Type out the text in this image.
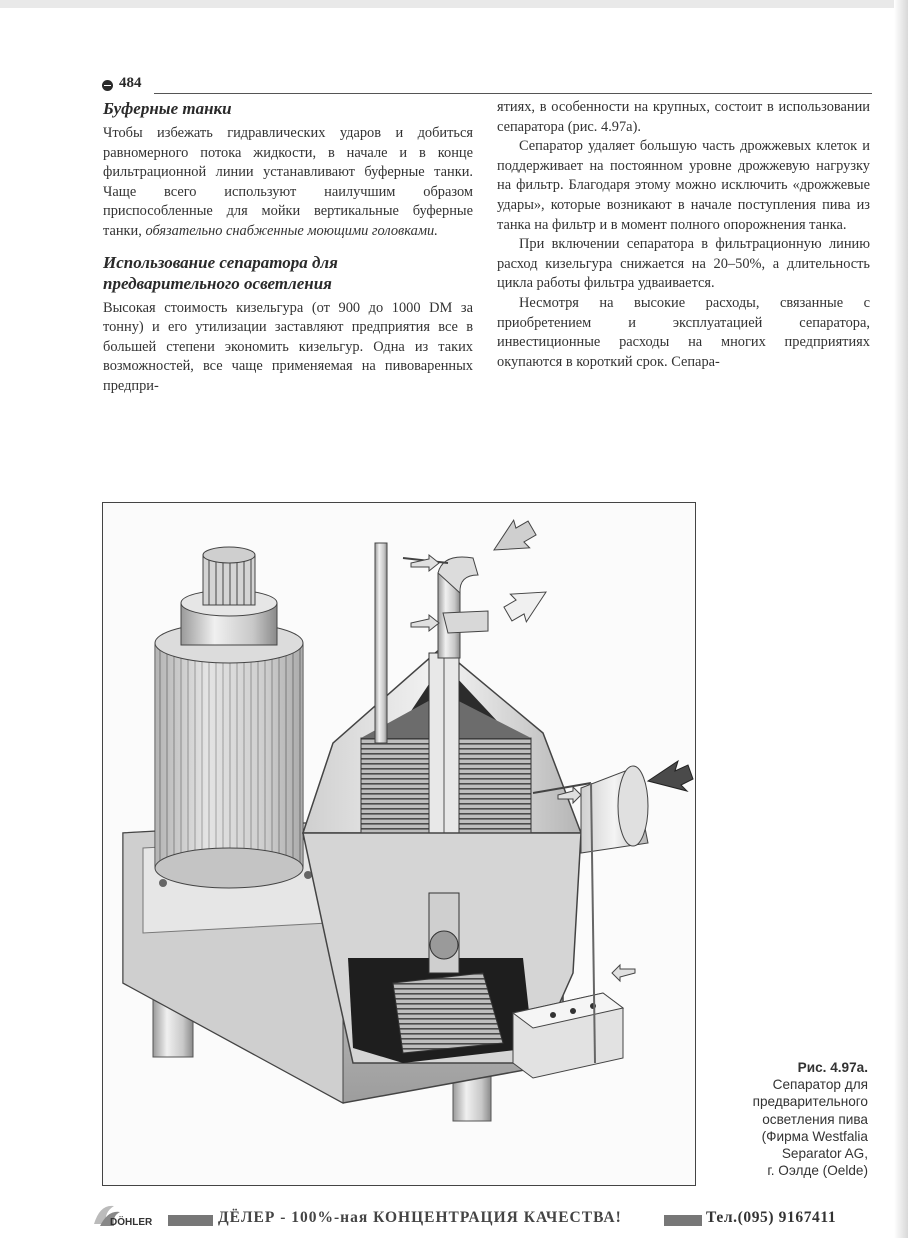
484

Буферные танки

Чтобы избежать гидравлических ударов и добиться равномерного потока жидкости, в начале и в конце фильтрационной линии устанавливают буферные танки. Чаще всего используют наилучшим образом приспособленные для мойки вертикальные буферные танки, обязательно снабженные моющими головками.

Использование сепаратора для предварительного осветления

Высокая стоимость кизельгура (от 900 до 1000 DM за тонну) и его утилизации заставляют предприятия все в большей степени экономить кизельгур. Одна из таких возможностей, все чаще применяемая на пивоваренных предпри-

ятиях, в особенности на крупных, состоит в использовании сепаратора (рис. 4.97а).

Сепаратор удаляет большую часть дрожжевых клеток и поддерживает на постоянном уровне дрожжевую нагрузку на фильтр. Благодаря этому можно исключить «дрожжевые удары», которые возникают в начале поступления пива из танка на фильтр и в момент полного опорожнения танка.

При включении сепаратора в фильтрационную линию расход кизельгура снижается на 20–50%, а длительность цикла работы фильтра удваивается.

Несмотря на высокие расходы, связанные с приобретением и эксплуатацией сепаратора, инвестиционные расходы на многих предприятиях окупаются в короткий срок. Сепара-

Рис. 4.97а.
Сепаратор для
предварительного
осветления пива
(Фирма Westfalia
Separator AG,
г. Оэлде (Oelde)
DÖHLER	ДЁЛЕР - 100%-ная КОНЦЕНТРАЦИЯ КАЧЕСТВА!	Тел.(095) 9167411
